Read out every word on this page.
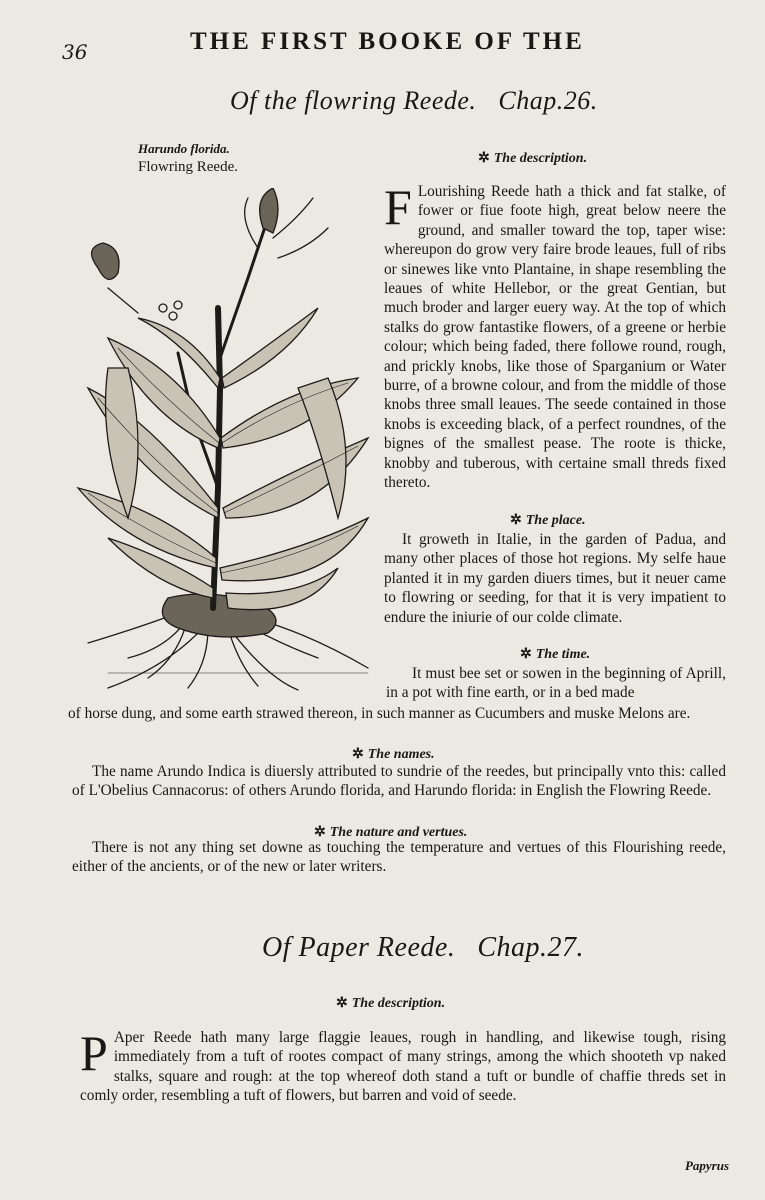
36	THE FIRST BOOKE OF THE
Of the flowring Reede. Chap.26.
Harundo florida.
Flowring Reede.
✲ The description.
F Lourishing Reede hath a thick and fat stalke, of fower or fiue foote high, great below neere the ground, and smaller toward the top, taper wise: whereupon do grow very faire brode leaues, full of ribs or sinewes like vnto Plantaine, in shape resembling the leaues of white Hellebor, or the great Gentian, but much broder and larger euery way. At the top of which stalks do grow fantastike flowers, of a greene or herbie colour; which being faded, there followe round, rough, and prickly knobs, like those of Sparganium or Water burre, of a browne colour, and from the middle of those knobs three small leaues. The seede contained in those knobs is exceeding black, of a perfect roundnes, of the bignes of the smallest pease. The roote is thicke, knobby and tuberous, with certaine small threds fixed thereto.
✲ The place.
It groweth in Italie, in the garden of Padua, and many other places of those hot regions. My selfe haue planted it in my garden diuers times, but it neuer came to flowring or seeding, for that it is very impatient to endure the iniurie of our colde climate.
✲ The time.
It must bee set or sowen in the beginning of Aprill, in a pot with fine earth, or in a bed made
of horse dung, and some earth strawed thereon, in such manner as Cucumbers and muske Melons are.
✲ The names.
The name Arundo Indica is diuersly attributed to sundrie of the reedes, but principally vnto this: called of L'Obelius Cannacorus: of others Arundo florida, and Harundo florida: in English the Flowring Reede.
✲ The nature and vertues.
There is not any thing set downe as touching the temperature and vertues of this Flourishing reede, either of the ancients, or of the new or later writers.
Of Paper Reede. Chap.27.
✲ The description.
P Aper Reede hath many large flaggie leaues, rough in handling, and likewise tough, rising immediately from a tuft of rootes compact of many strings, among the which shooteth vp naked stalks, square and rough: at the top whereof doth stand a tuft or bundle of chaffie threds set in comly order, resembling a tuft of flowers, but barren and void of seede.
Papyrus
